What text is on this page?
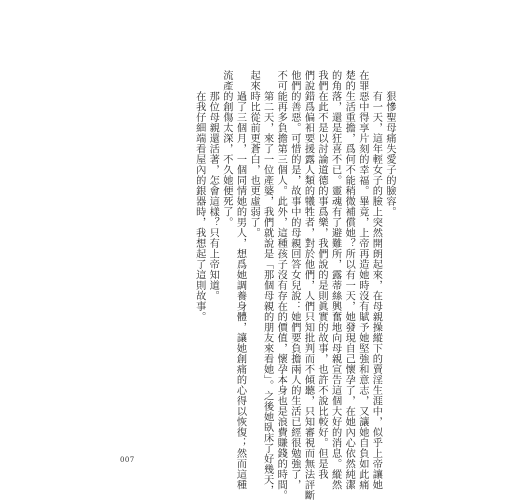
　　狠慘聖母痛失愛子的臉容。
　　有一天，這年輕女子的臉上突然開朗起來，在母親操縱下的賣淫生涯中，似乎上帝讓她
在罪惡中得享片刻的幸福。畢竟，上帝再造她時沒有賦予她堅強和意志，又讓她自負如此痛
楚的生活重擔，爲何不能稍微補償她？所以有一天，她發現自己懷孕了，在她內心依然純潔
的角落，還是狂喜不已。靈魂有了避難所，露蒂絲興奮地向母親宣告這個大好的消息。縱然
我們在此不是以討論道德的事爲樂，我們說的是則眞實的故事，也許不說比較好。但是我
們說錯爲偏衵要援露人類的犧牲者，對於他們，人們只知批判而不傾聽，只知審視而無法評斷
他們的善惡。可惜的是，故事中的母親回答女兒說：她們要負擔兩人的生活已經很勉強了，
不可能再多負擔第三個人。此外，這種孩子沒有存在的價值，懷孕本身也是浪費賺錢的時間。
　　第二天，來了一位產婆，我們就說是「那個母親的朋友來看她」。之後她臥床了好幾天，
起來時比從前更蒼白，也更虛弱了。
　　過了三個月，一個同情她的男人，想爲她調養身體，讓她創痛的心得以恢復；然而這種
流產的創傷太深，不久她便死了。
　　那位母親還活著，怎會這樣？只有上帝知道。
　　在我仔細端看屋內的銀器時，我想起了這則故事。
007
